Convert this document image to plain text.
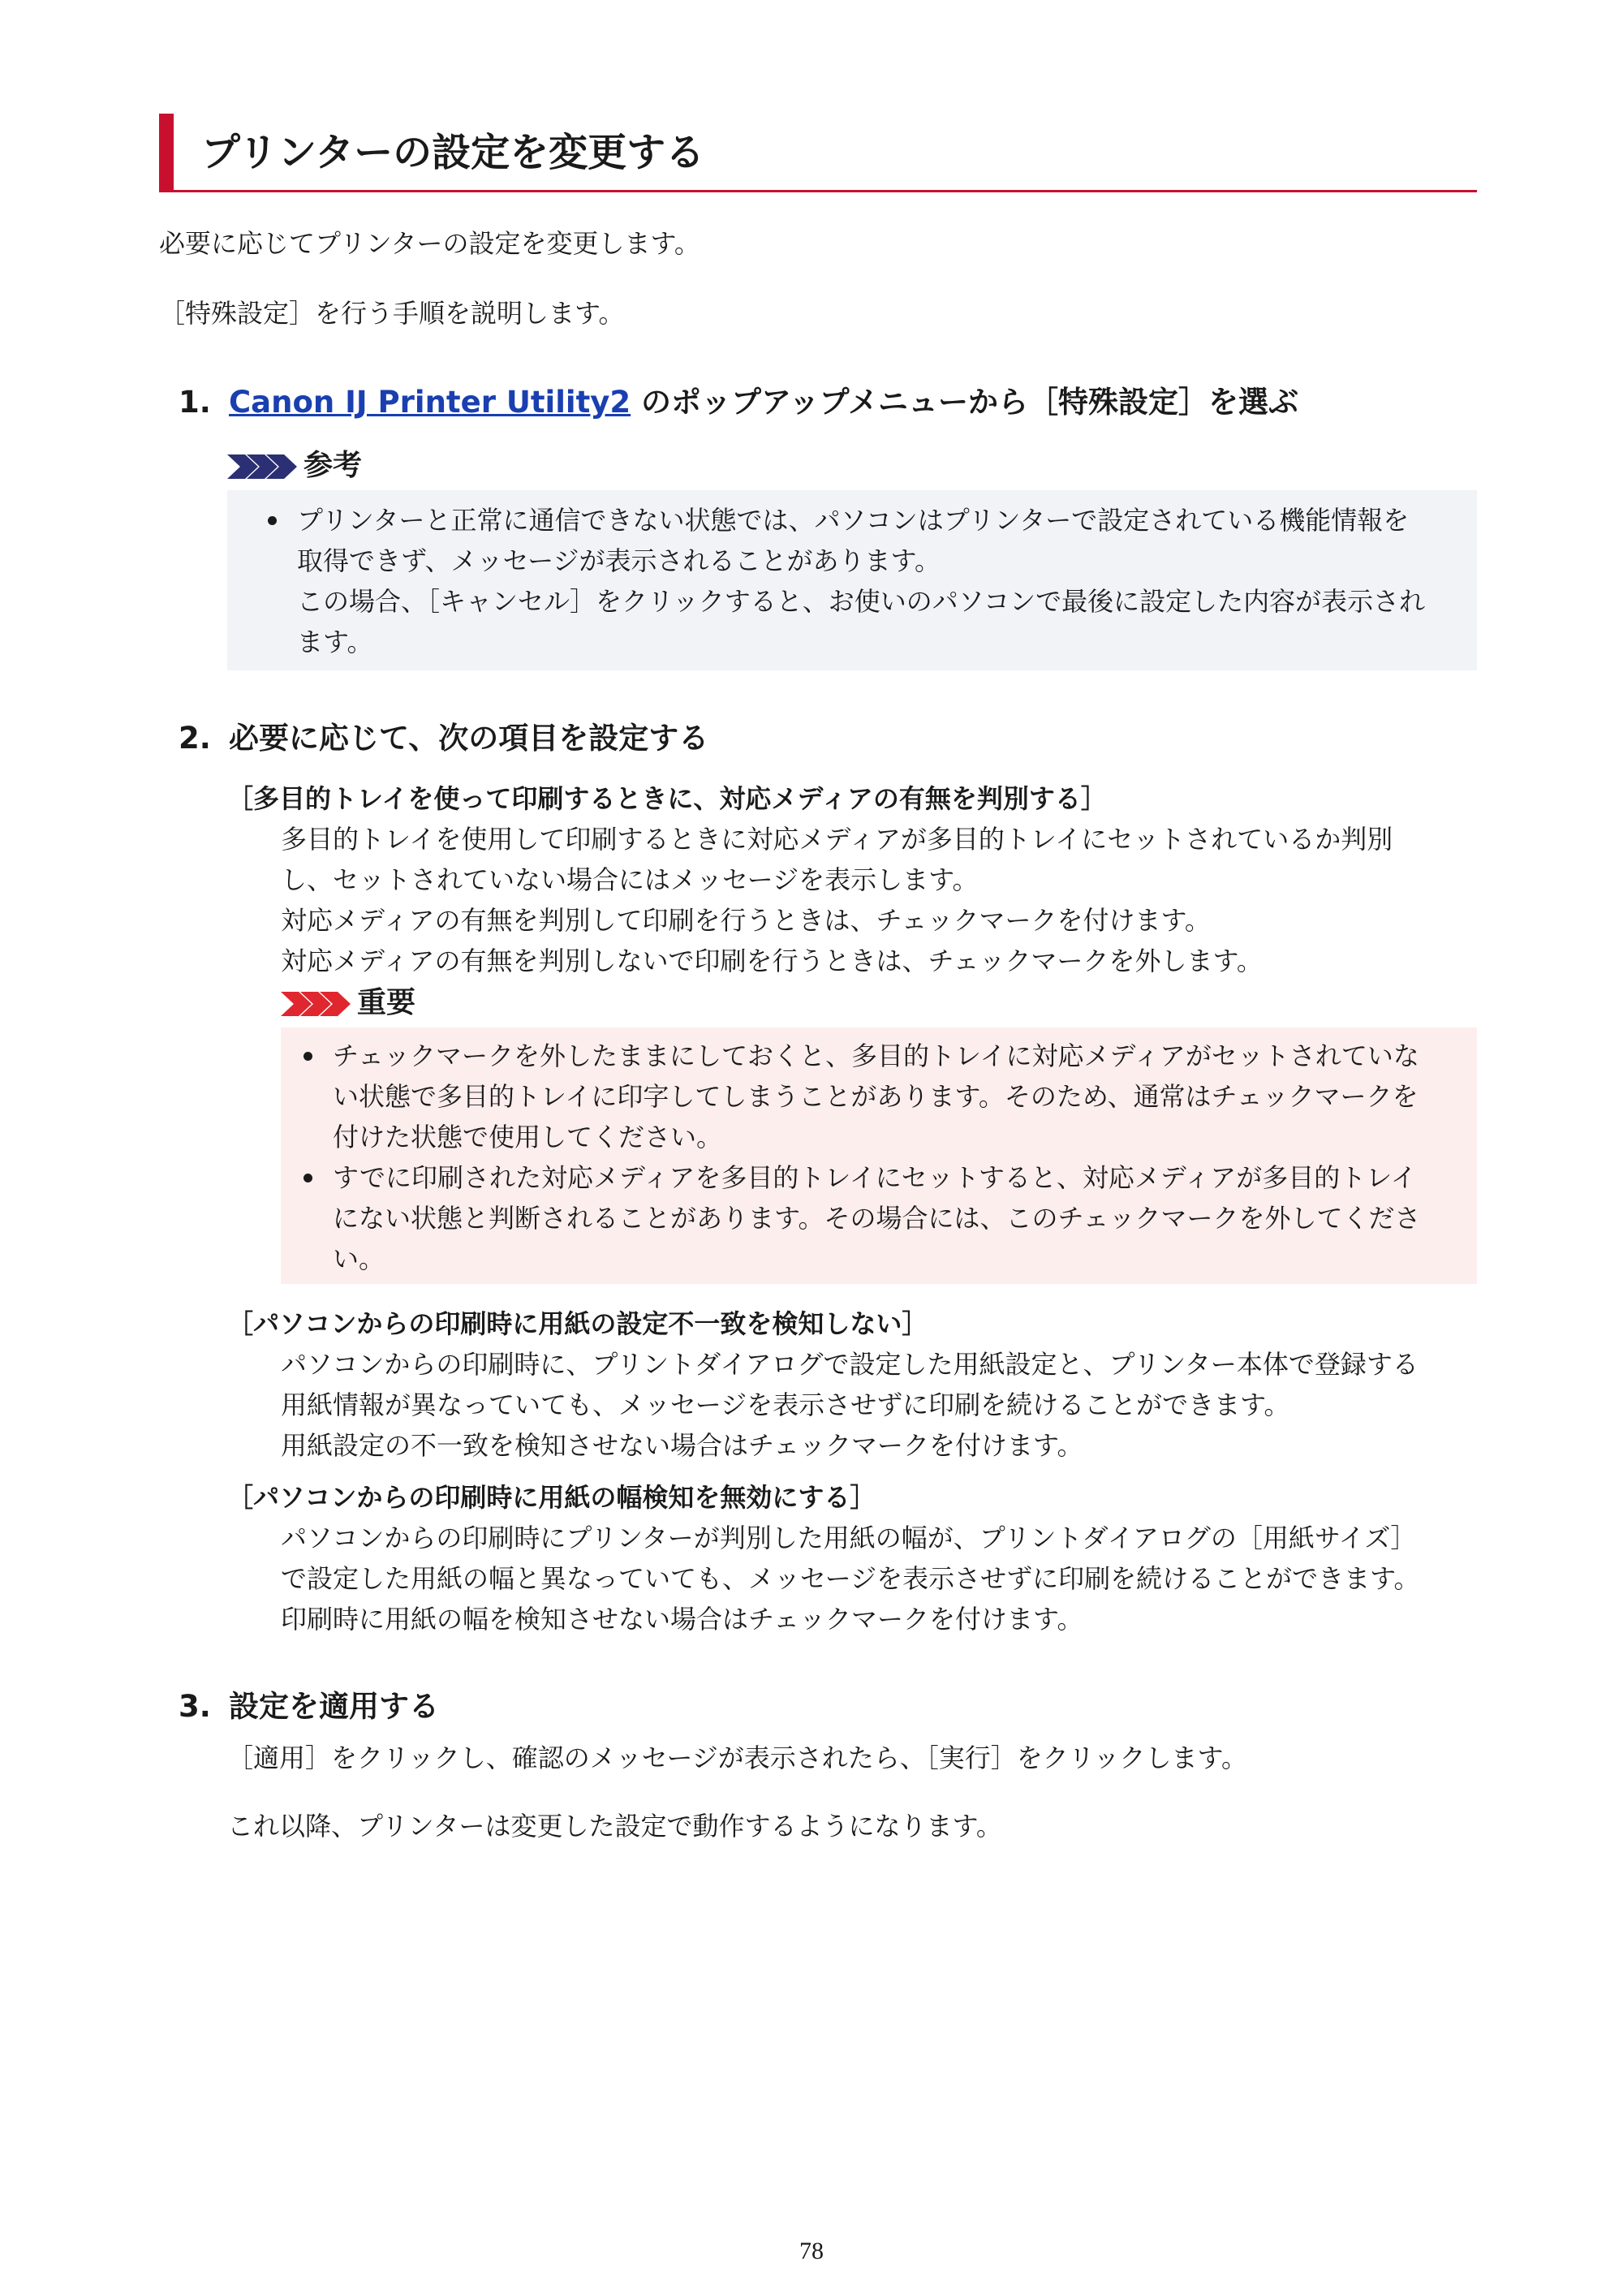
プリンターの設定を変更する
必要に応じてプリンターの設定を変更します。
［特殊設定］を行う手順を説明します。
1. Canon IJ Printer Utility2 のポップアップメニューから［特殊設定］を選ぶ
参考
プリンターと正常に通信できない状態では、パソコンはプリンターで設定されている機能情報を
取得できず、メッセージが表示されることがあります。
この場合、［キャンセル］をクリックすると、お使いのパソコンで最後に設定した内容が表示され
ます。
2. 必要に応じて、次の項目を設定する
［多目的トレイを使って印刷するときに、対応メディアの有無を判別する］
多目的トレイを使用して印刷するときに対応メディアが多目的トレイにセットされているか判別
し、セットされていない場合にはメッセージを表示します。
対応メディアの有無を判別して印刷を行うときは、チェックマークを付けます。
対応メディアの有無を判別しないで印刷を行うときは、チェックマークを外します。
重要
チェックマークを外したままにしておくと、多目的トレイに対応メディアがセットされていな
い状態で多目的トレイに印字してしまうことがあります。そのため、通常はチェックマークを
付けた状態で使用してください。
すでに印刷された対応メディアを多目的トレイにセットすると、対応メディアが多目的トレイ
にない状態と判断されることがあります。その場合には、このチェックマークを外してくださ
い。
［パソコンからの印刷時に用紙の設定不一致を検知しない］
パソコンからの印刷時に、プリントダイアログで設定した用紙設定と、プリンター本体で登録する
用紙情報が異なっていても、メッセージを表示させずに印刷を続けることができます。
用紙設定の不一致を検知させない場合はチェックマークを付けます。
［パソコンからの印刷時に用紙の幅検知を無効にする］
パソコンからの印刷時にプリンターが判別した用紙の幅が、プリントダイアログの［用紙サイズ］
で設定した用紙の幅と異なっていても、メッセージを表示させずに印刷を続けることができます。
印刷時に用紙の幅を検知させない場合はチェックマークを付けます。
3. 設定を適用する
［適用］をクリックし、確認のメッセージが表示されたら、［実行］をクリックします。
これ以降、プリンターは変更した設定で動作するようになります。
78
